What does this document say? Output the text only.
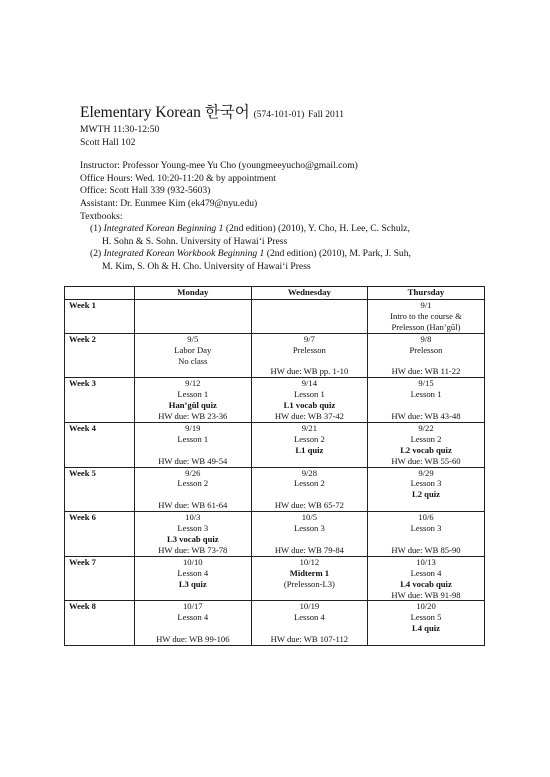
Elementary Korean 한국어 (574-101-01) Fall 2011
MWTH 11:30-12:50
Scott Hall 102
Instructor: Professor Young-mee Yu Cho (youngmeeyucho@gmail.com)
Office Hours: Wed. 10:20-11:20 & by appointment
Office: Scott Hall 339 (932-5603)
Assistant: Dr. Eunmee Kim (ek479@nyu.edu)
Textbooks:
(1) Integrated Korean Beginning 1 (2nd edition) (2010), Y. Cho, H. Lee, C. Schulz,
H. Sohn & S. Sohn. University of Hawai‘i Press
(2) Integrated Korean Workbook Beginning 1 (2nd edition) (2010), M. Park, J. Suh,
M. Kim, S. Oh & H. Cho. University of Hawai‘i Press
	Monday	Wednesday	Thursday
Week 1			9/1
Intro to the course &
Prelesson (Han’gŭl)

Week 2	9/5
Labor Day
No class	9/7
Prelesson
HW due: WB pp. 1-10	9/8
Prelesson
HW due: WB 11-22

Week 3	9/12
Lesson 1
Han’gŭl quiz
HW due: WB 23-36	9/14
Lesson 1
L1 vocab quiz
HW due: WB 37-42	9/15
Lesson 1
HW due: WB 43-48

Week 4	9/19
Lesson 1
HW due: WB 49-54	9/21
Lesson 2
L1 quiz	9/22
Lesson 2
L2 vocab quiz
HW due: WB 55-60

Week 5	9/26
Lesson 2
HW due: WB 61-64	9/28
Lesson 2
HW due: WB 65-72	9/29
Lesson 3
L2 quiz

Week 6	10/3
Lesson 3
L3 vocab quiz
HW due: WB 73-78	10/5
Lesson 3
HW due: WB 79-84	10/6
Lesson 3
HW due: WB 85-90

Week 7	10/10
Lesson 4
L3 quiz	10/12
Midterm 1
(Prelesson-L3)	10/13
Lesson 4
L4 vocab quiz
HW due: WB 91-98

Week 8	10/17
Lesson 4
HW due: WB 99-106	10/19
Lesson 4
HW due: WB 107-112	10/20
Lesson 5
L4 quiz
